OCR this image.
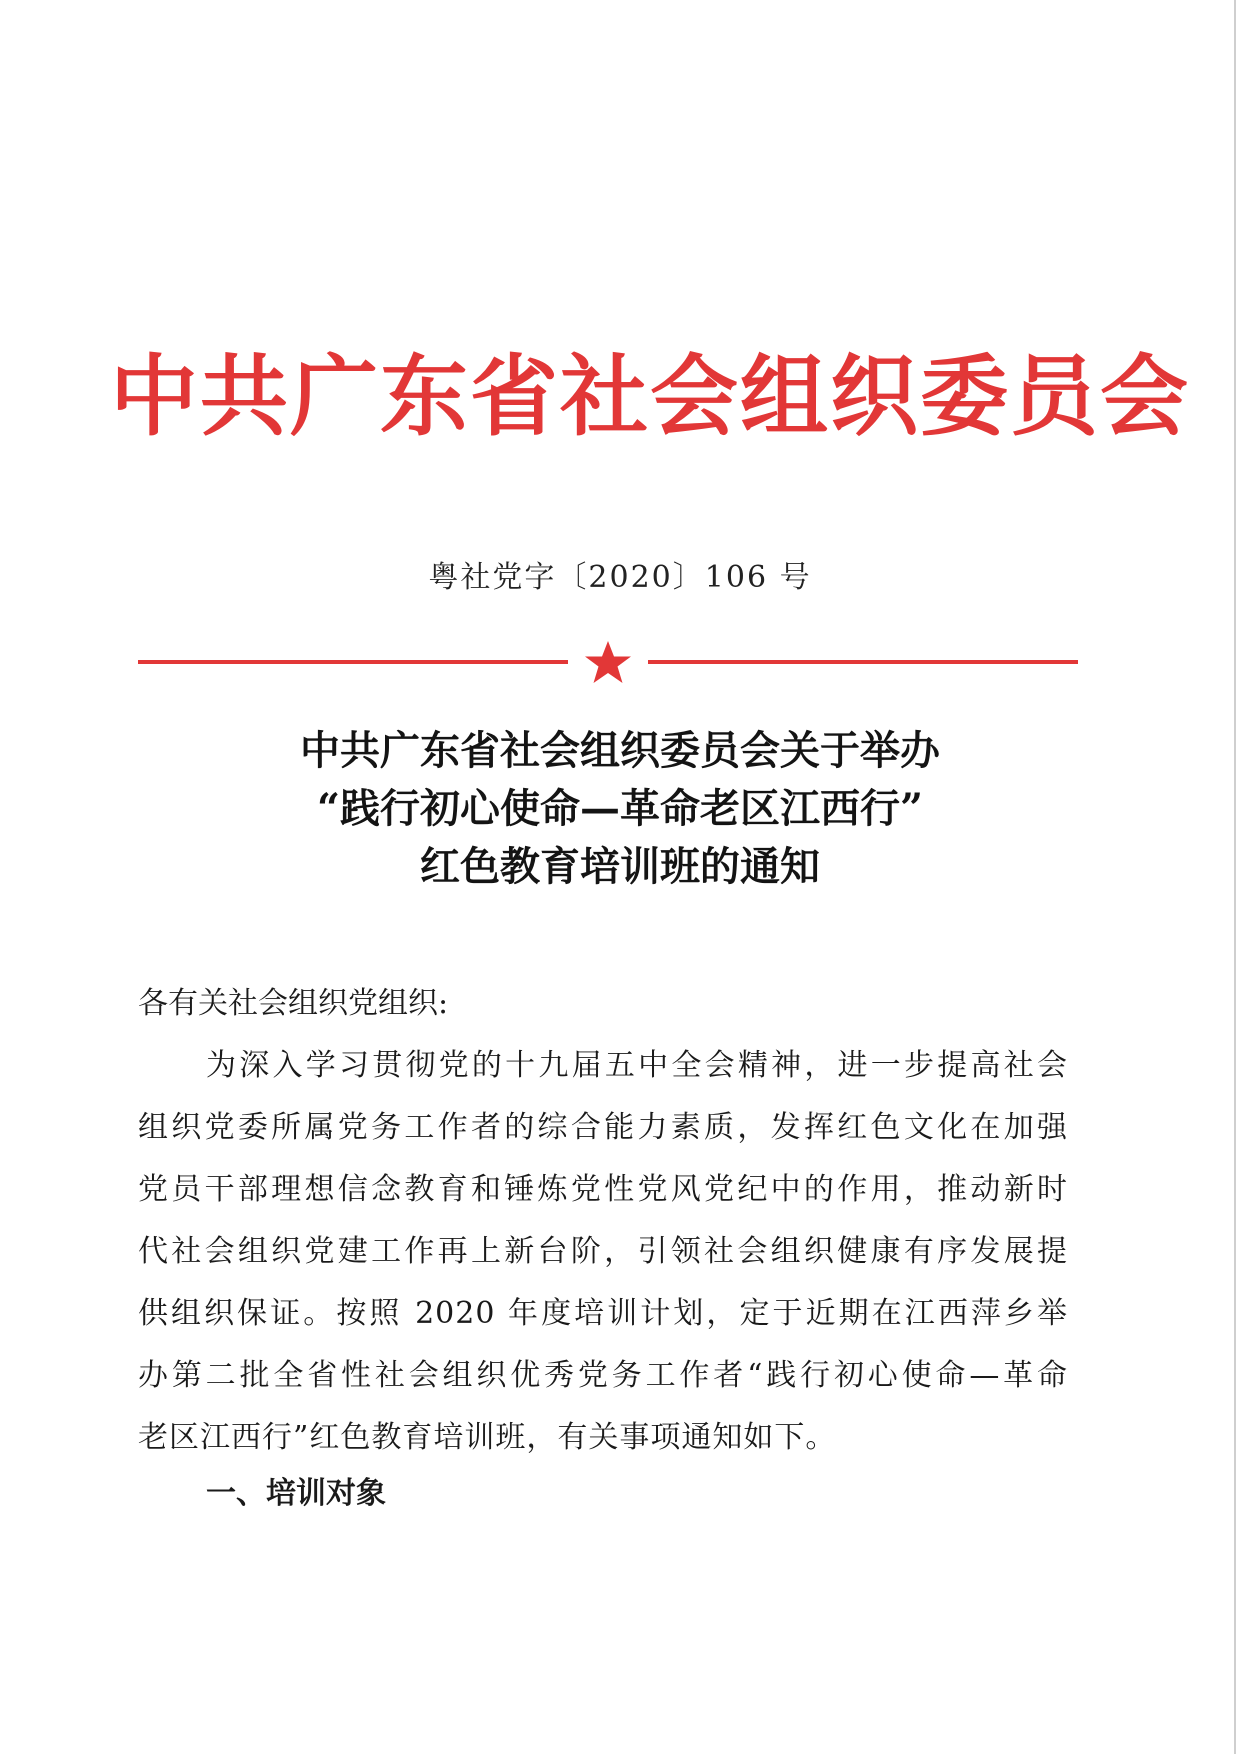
中共广东省社会组织委员会
粤社党字〔2020〕106 号
中共广东省社会组织委员会关于举办
“践行初心使命—革命老区江西行”
红色教育培训班的通知
各有关社会组织党组织:
为深入学习贯彻党的十九届五中全会精神，进一步提高社会
组织党委所属党务工作者的综合能力素质，发挥红色文化在加强
党员干部理想信念教育和锤炼党性党风党纪中的作用，推动新时
代社会组织党建工作再上新台阶，引领社会组织健康有序发展提
供组织保证。按照 2020 年度培训计划，定于近期在江西萍乡举
办第二批全省性社会组织优秀党务工作者“践行初心使命—革命
老区江西行”红色教育培训班，有关事项通知如下。
一、培训对象
